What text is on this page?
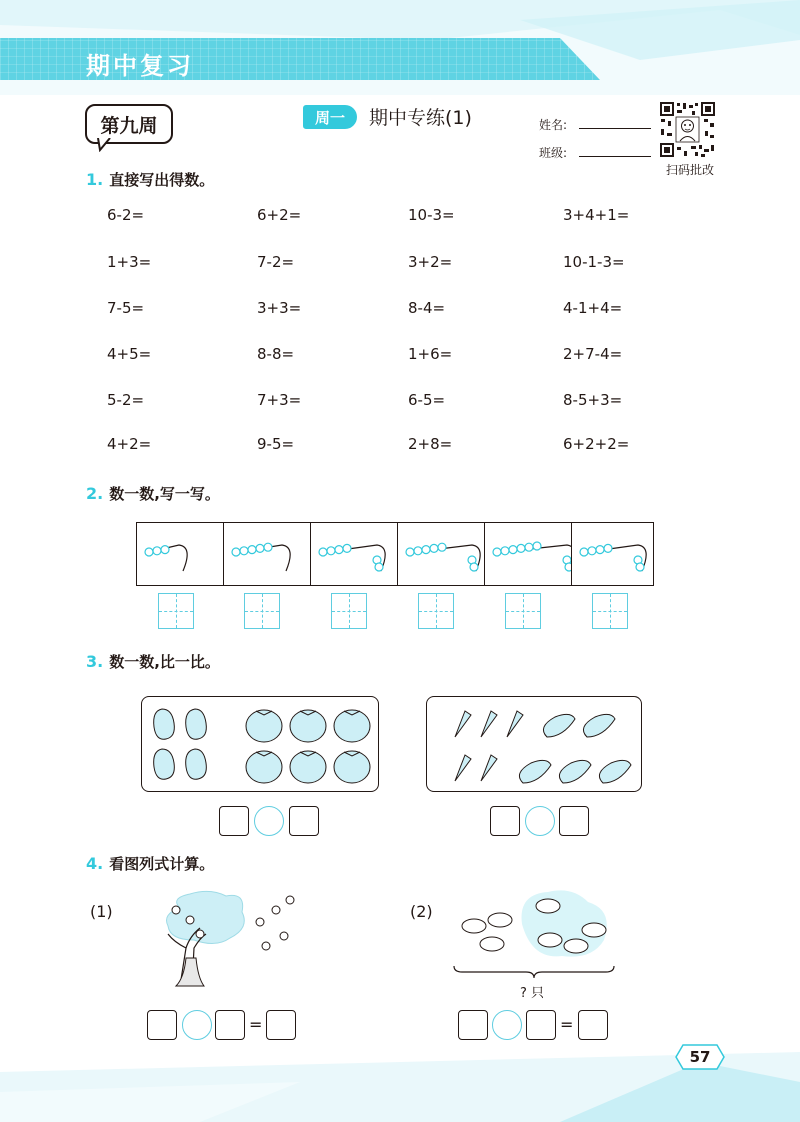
期中复习
第九周	周一	期中专练(1)	姓名:
班级:
扫码批改
1. 直接写出得数。
6-2=	6+2=	10-3=	3+4+1=
1+3=	7-2=	3+2=	10-1-3=
7-5=	3+3=	8-4=	4-1+4=
4+5=	8-8=	1+6=	2+7-4=
5-2=	7+3=	6-5=	8-5+3=
4+2=	9-5=	2+8=	6+2+2=
2. 数一数,写一写。
3. 数一数,比一比。
4. 看图列式计算。
(1)	(2)
? 只
=	=
57
